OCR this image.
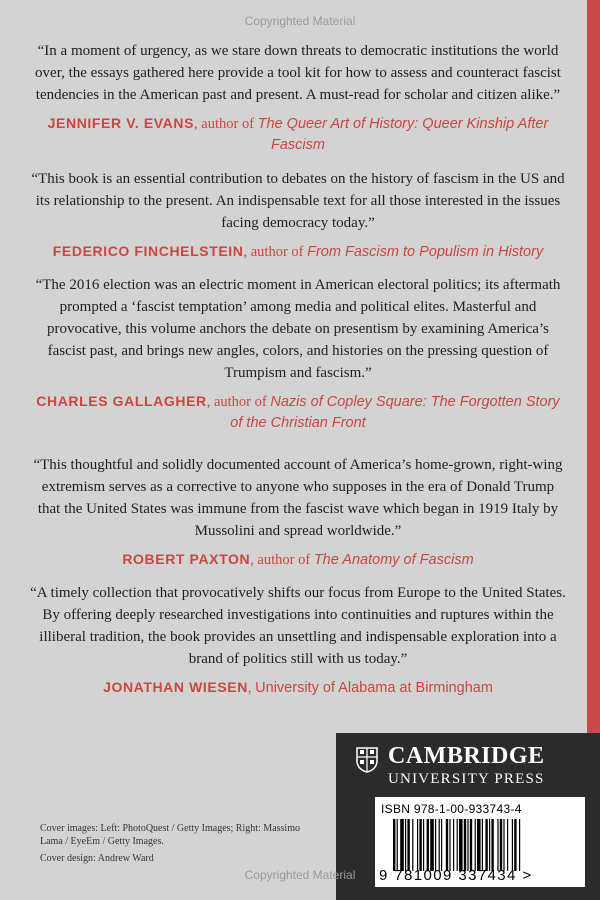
Copyrighted Material

“In a moment of urgency, as we stare down threats to democratic institutions the world over, the essays gathered here provide a tool kit for how to assess and counteract fascist tendencies in the American past and present. A must-read for scholar and citizen alike.”

JENNIFER V. EVANS, author of The Queer Art of History: Queer Kinship After Fascism

“This book is an essential contribution to debates on the history of fascism in the US and its relationship to the present. An indispensable text for all those interested in the issues facing democracy today.”

FEDERICO FINCHELSTEIN, author of From Fascism to Populism in History

“The 2016 election was an electric moment in American electoral politics; its aftermath prompted a ‘fascist temptation’ among media and political elites. Masterful and provocative, this volume anchors the debate on presentism by examining America’s fascist past, and brings new angles, colors, and histories on the pressing question of Trumpism and fascism.”

CHARLES GALLAGHER, author of Nazis of Copley Square: The Forgotten Story of the Christian Front

“This thoughtful and solidly documented account of America’s home-grown, right-wing extremism serves as a corrective to anyone who supposes in the era of Donald Trump that the United States was immune from the fascist wave which began in 1919 Italy by Mussolini and spread worldwide.”

ROBERT PAXTON, author of The Anatomy of Fascism

“A timely collection that provocatively shifts our focus from Europe to the United States. By offering deeply researched investigations into continuities and ruptures within the illiberal tradition, the book provides an unsettling and indispensable exploration into a brand of politics still with us today.”

JONATHAN WIESEN, University of Alabama at Birmingham

Cover images: Left: PhotoQuest / Getty Images; Right: Massimo Lama / EyeEm / Getty Images.

Cover design: Andrew Ward

CAMBRIDGE
UNIVERSITY PRESS
ISBN 978-1-00-933743-4
9 781009 337434 >
Copyrighted Material
